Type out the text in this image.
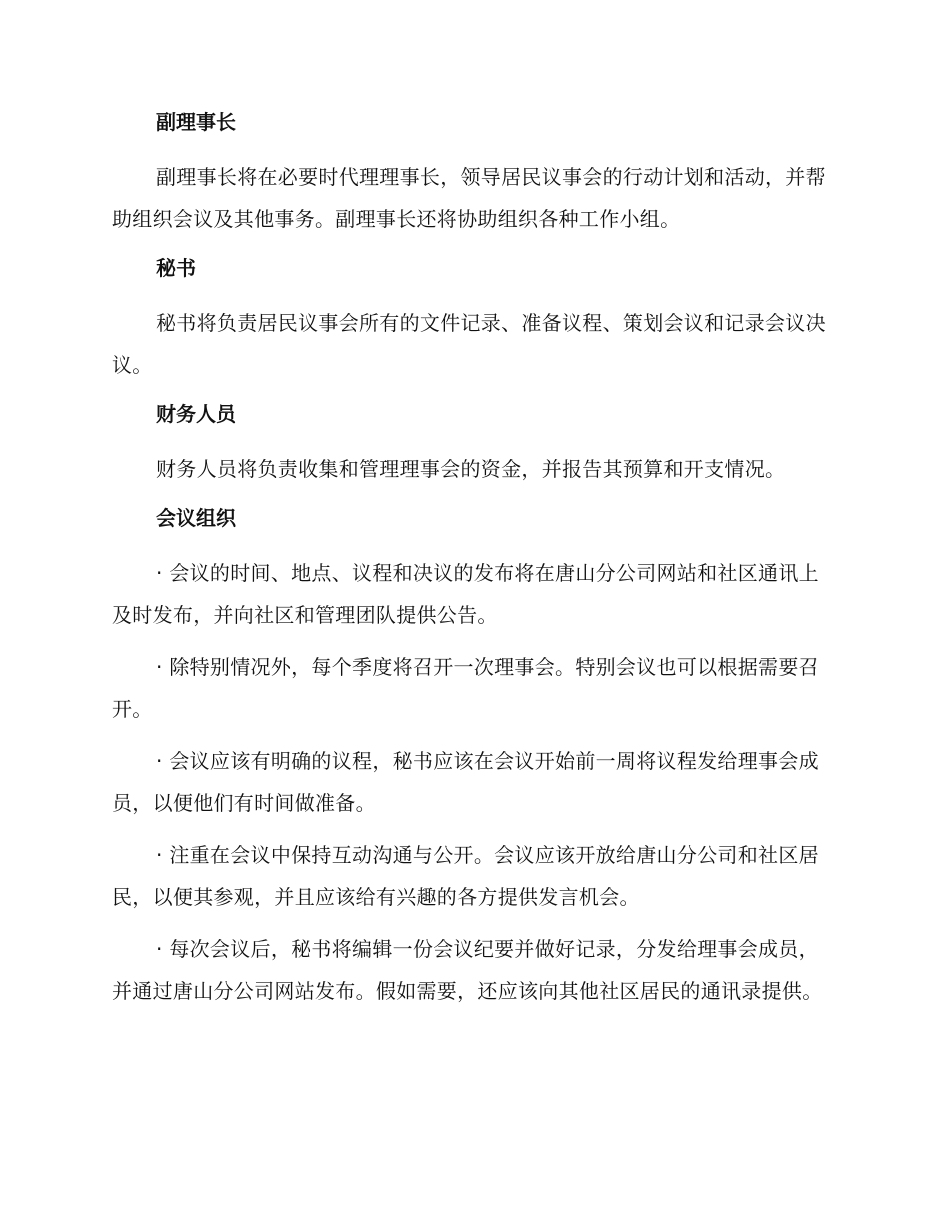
副理事长

副理事长将在必要时代理理事长，领导居民议事会的行动计划和活动，并帮助组织会议及其他事务。副理事长还将协助组织各种工作小组。

秘书

秘书将负责居民议事会所有的文件记录、准备议程、策划会议和记录会议决议。

财务人员

财务人员将负责收集和管理理事会的资金，并报告其预算和开支情况。

会议组织

· 会议的时间、地点、议程和决议的发布将在唐山分公司网站和社区通讯上及时发布，并向社区和管理团队提供公告。

· 除特别情况外，每个季度将召开一次理事会。特别会议也可以根据需要召开。

· 会议应该有明确的议程，秘书应该在会议开始前一周将议程发给理事会成员，以便他们有时间做准备。

· 注重在会议中保持互动沟通与公开。会议应该开放给唐山分公司和社区居民，以便其参观，并且应该给有兴趣的各方提供发言机会。

· 每次会议后，秘书将编辑一份会议纪要并做好记录，分发给理事会成员，并通过唐山分公司网站发布。假如需要，还应该向其他社区居民的通讯录提供。
